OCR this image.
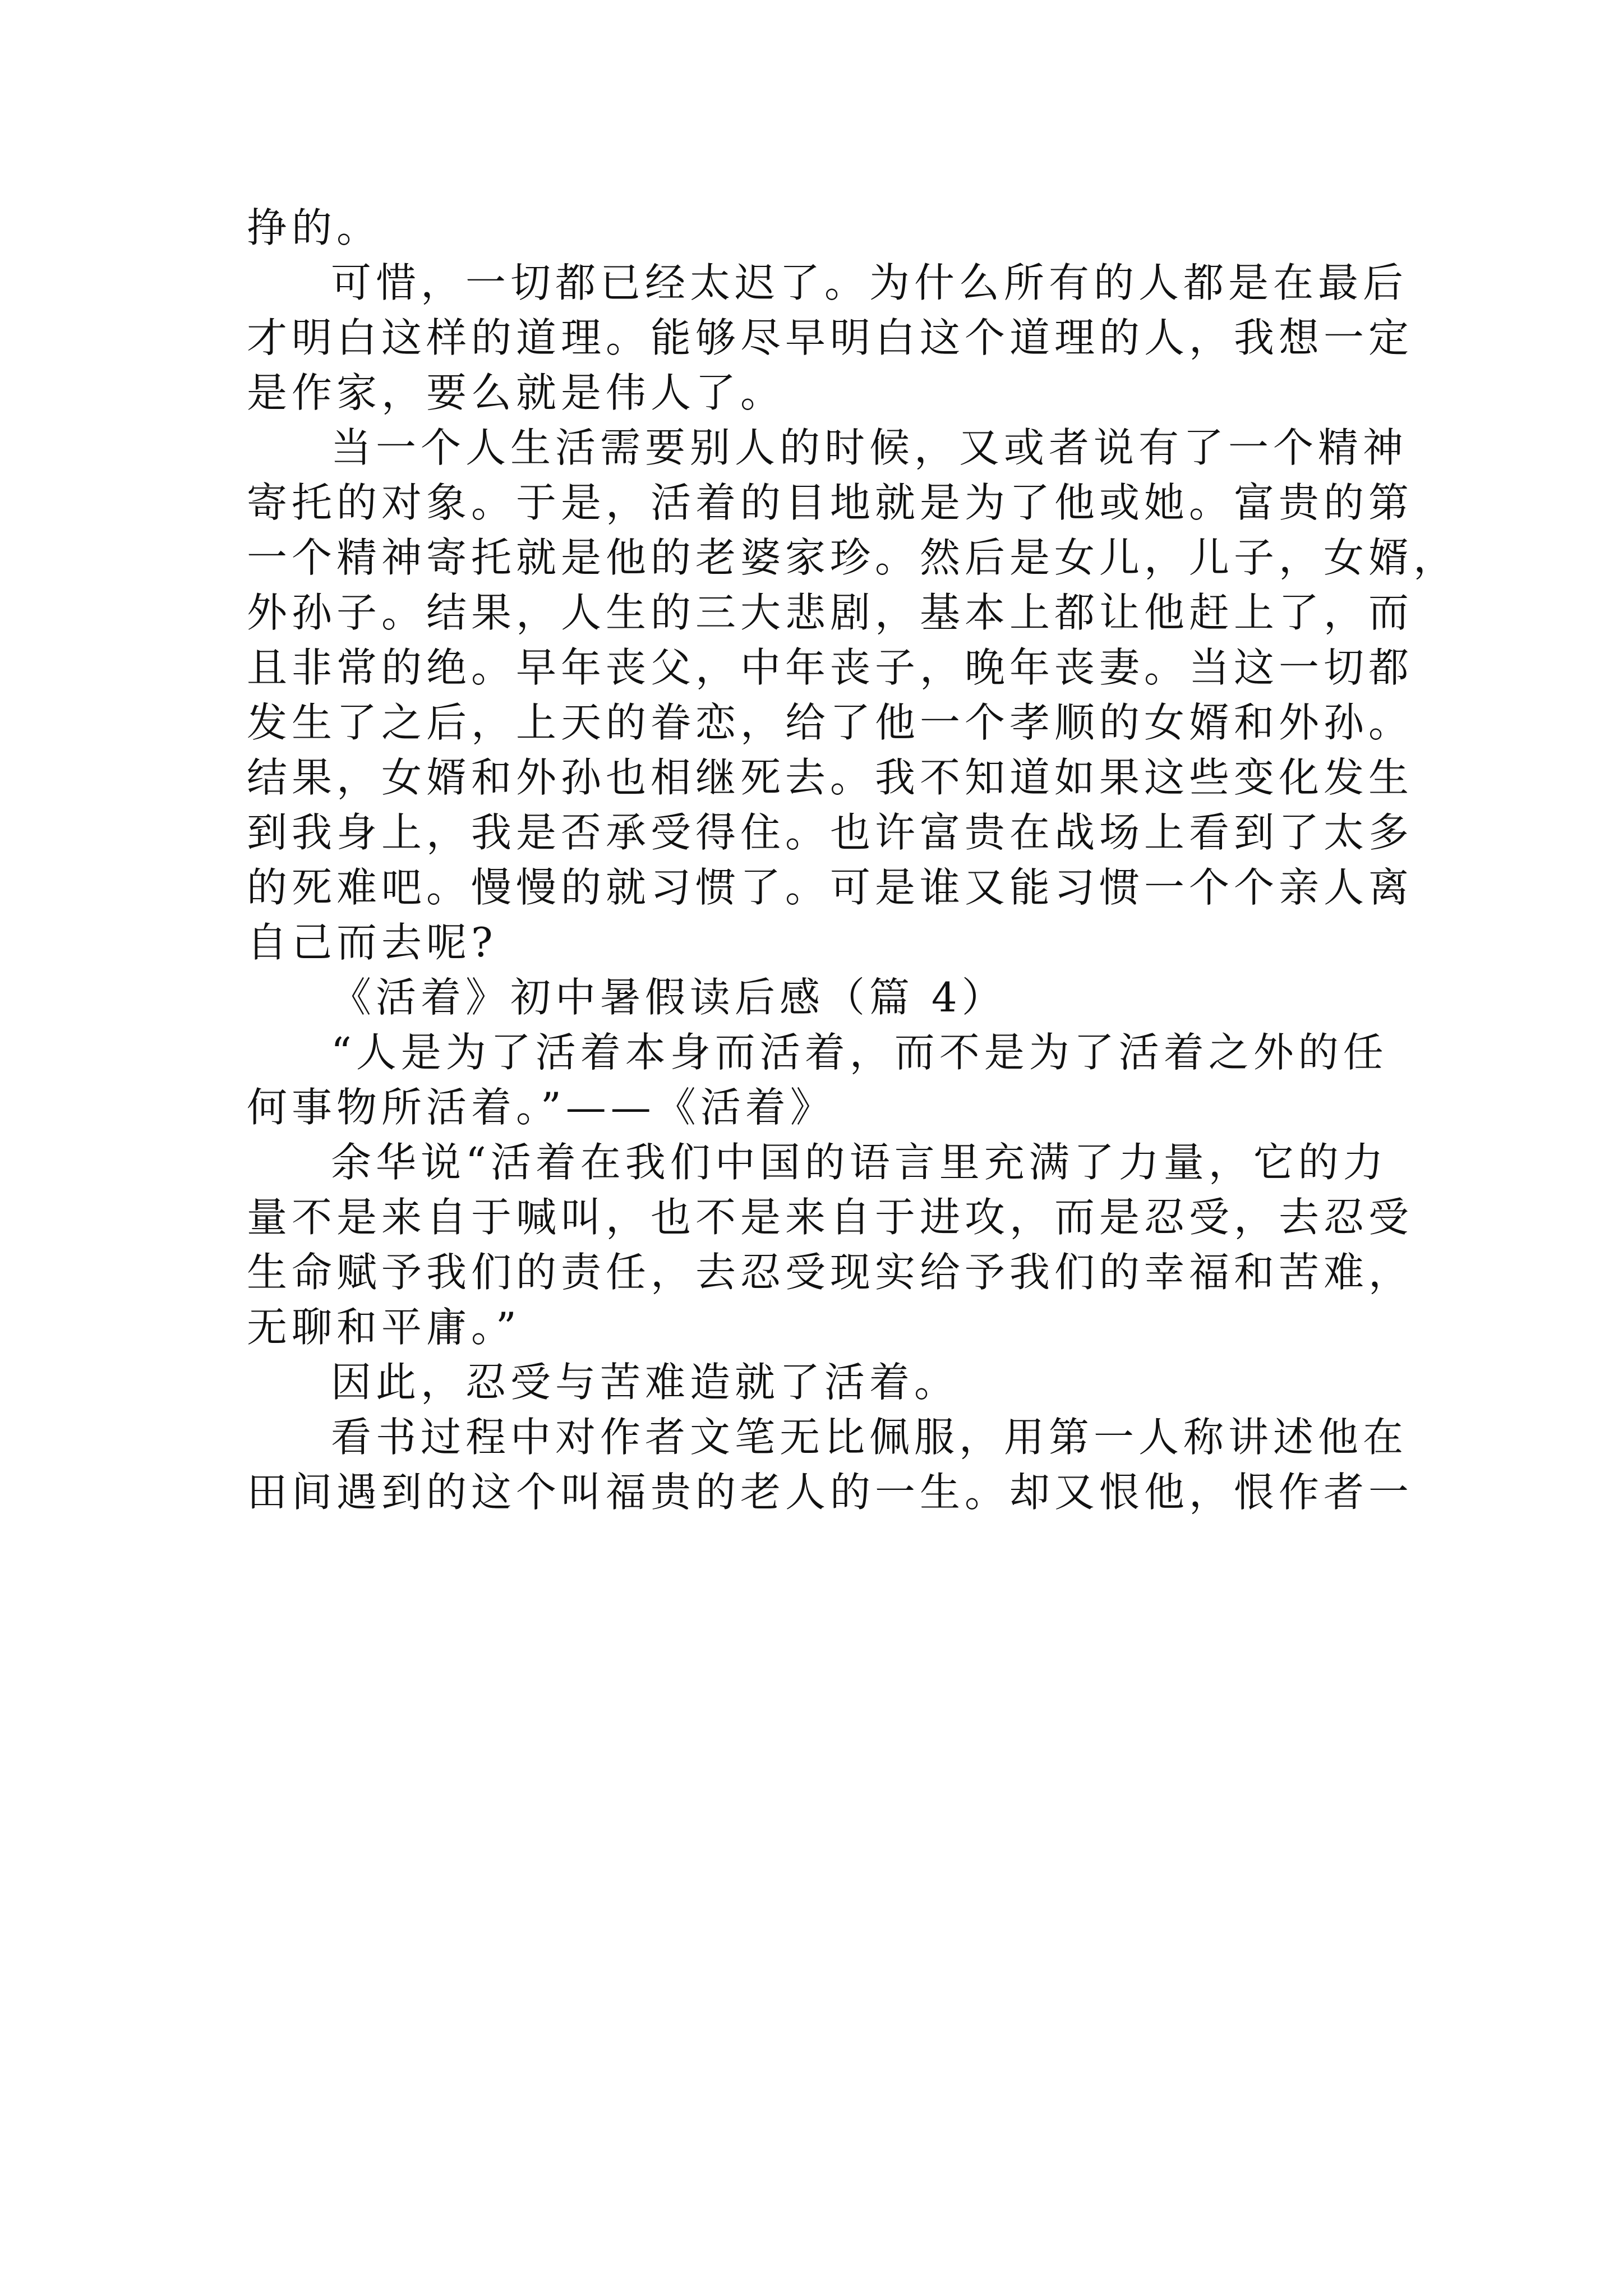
挣的。
可惜，一切都已经太迟了。为什么所有的人都是在最后
才明白这样的道理。能够尽早明白这个道理的人，我想一定
是作家，要么就是伟人了。
当一个人生活需要别人的时候，又或者说有了一个精神
寄托的对象。于是，活着的目地就是为了他或她。富贵的第
一个精神寄托就是他的老婆家珍。然后是女儿，儿子，女婿，
外孙子。结果，人生的三大悲剧，基本上都让他赶上了，而
且非常的绝。早年丧父，中年丧子，晚年丧妻。当这一切都
发生了之后，上天的眷恋，给了他一个孝顺的女婿和外孙。
结果，女婿和外孙也相继死去。我不知道如果这些变化发生
到我身上，我是否承受得住。也许富贵在战场上看到了太多
的死难吧。慢慢的就习惯了。可是谁又能习惯一个个亲人离
自己而去呢?
《活着》初中暑假读后感（篇 4）
“人是为了活着本身而活着，而不是为了活着之外的任
何事物所活着。”——《活着》
余华说“活着在我们中国的语言里充满了力量，它的力
量不是来自于喊叫，也不是来自于进攻，而是忍受，去忍受
生命赋予我们的责任，去忍受现实给予我们的幸福和苦难，
无聊和平庸。”
因此，忍受与苦难造就了活着。
看书过程中对作者文笔无比佩服，用第一人称讲述他在
田间遇到的这个叫福贵的老人的一生。却又恨他，恨作者一
